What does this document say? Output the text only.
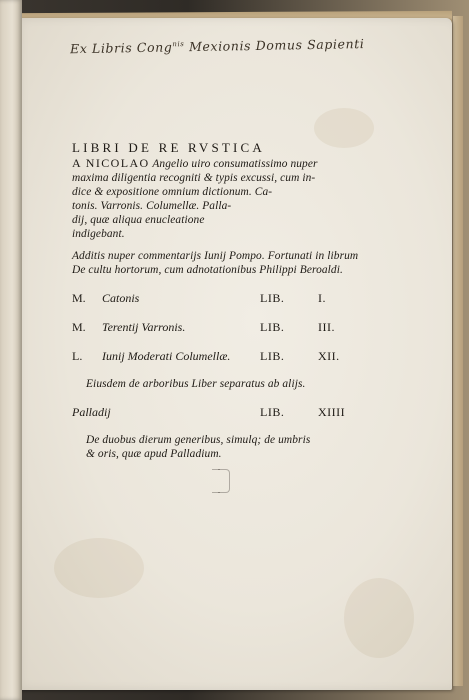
Ex Libris Cong$^{nis}$ Mexionis Domus Sapienti
LIBRI DE RE RVSTICA
A NICOLAO Angelio uiro consumatissimo nuper
maxima diligentia recogniti & typis excussi, cum in-
dice & expositione omnium dictionum. Ca-
tonis. Varronis. Columellæ. Palla-
dij, quæ aliqua enucleatione
indigebant.
Additis nuper commentarijs Iunij Pompo. Fortunati in librum
De cultu hortorum, cum adnotationibus Philippi Beroaldi.
M.	Catonis	LIB.	I.
M.	Terentij Varronis.	LIB.	III.
L.	Iunij Moderati Columellæ.	LIB.	XII.
Eiusdem de arboribus Liber separatus ab alijs.
Palladij	LIB.	XIIII
De duobus dierum generibus, simulq; de umbris
& oris, quæ apud Palladium.
